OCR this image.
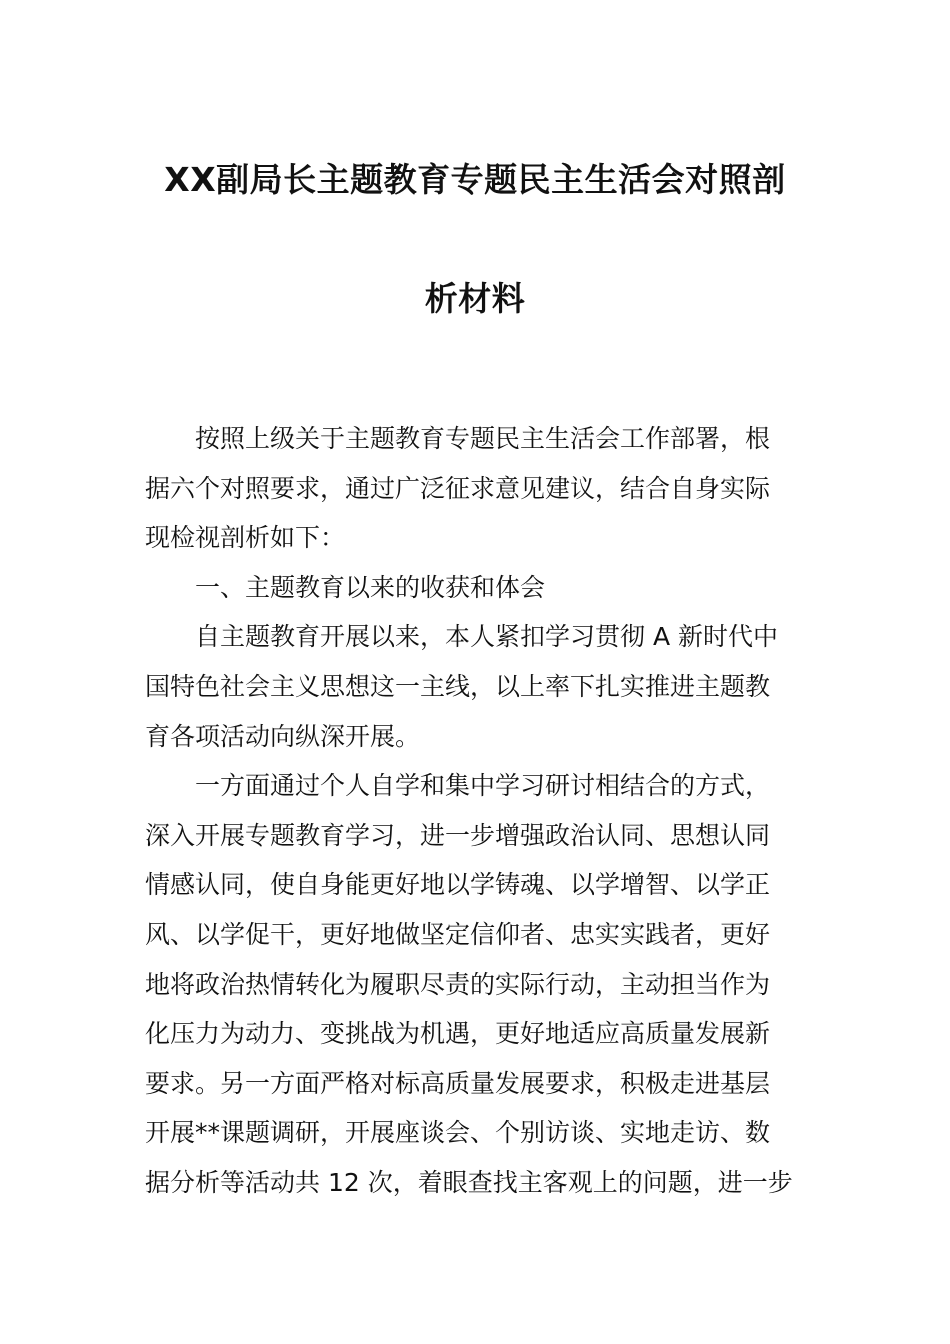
XX副局长主题教育专题民主生活会对照剖
析材料
按照上级关于主题教育专题民主生活会工作部署，根
据六个对照要求，通过广泛征求意见建议，结合自身实际
现检视剖析如下：
一、主题教育以来的收获和体会
自主题教育开展以来，本人紧扣学习贯彻 A 新时代中
国特色社会主义思想这一主线，以上率下扎实推进主题教
育各项活动向纵深开展。
一方面通过个人自学和集中学习研讨相结合的方式，
深入开展专题教育学习，进一步增强政治认同、思想认同
情感认同，使自身能更好地以学铸魂、以学增智、以学正
风、以学促干，更好地做坚定信仰者、忠实实践者，更好
地将政治热情转化为履职尽责的实际行动，主动担当作为
化压力为动力、变挑战为机遇，更好地适应高质量发展新
要求。另一方面严格对标高质量发展要求，积极走进基层
开展**课题调研，开展座谈会、个别访谈、实地走访、数
据分析等活动共 12 次，着眼查找主客观上的问题，进一步
